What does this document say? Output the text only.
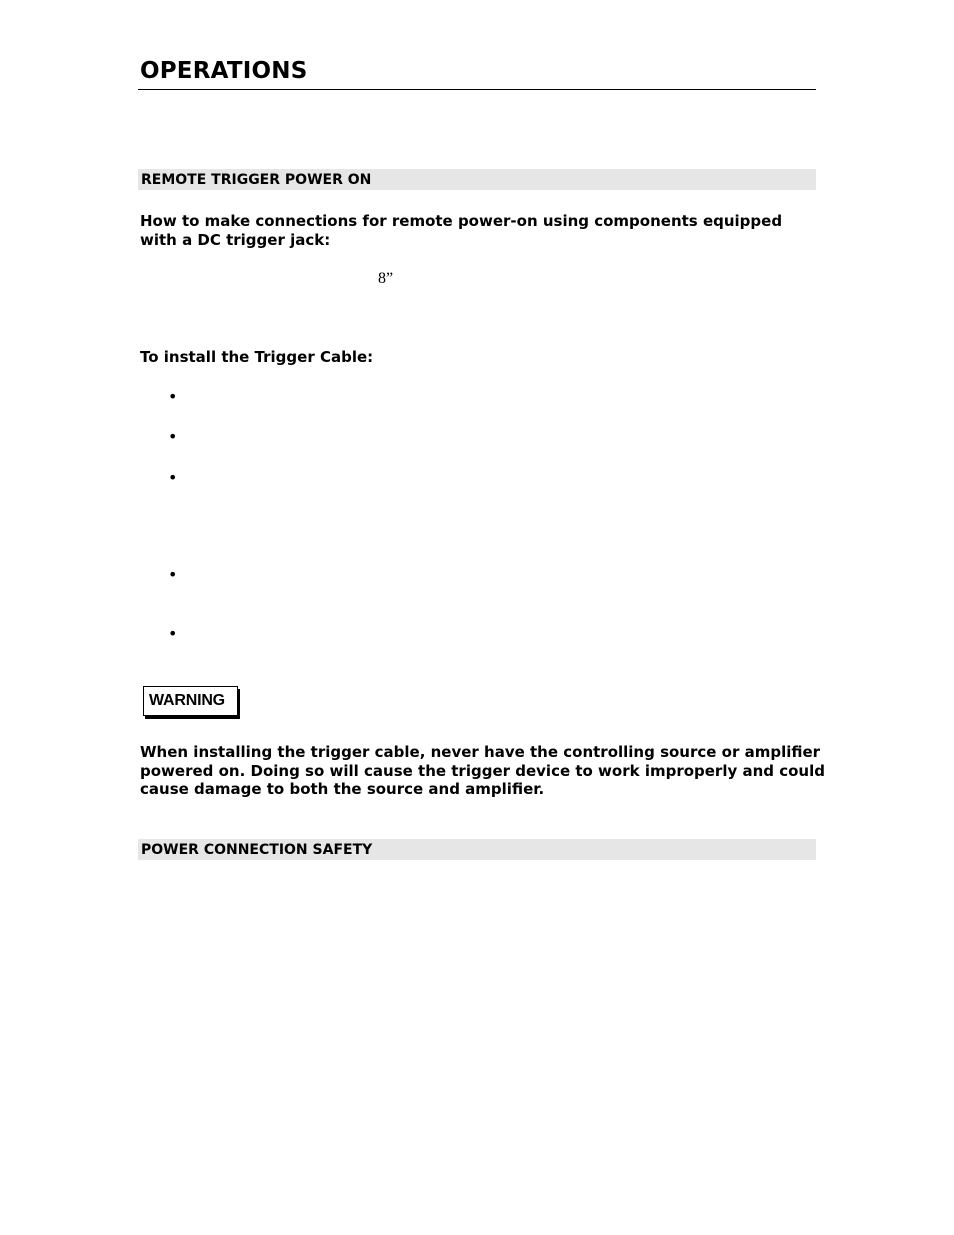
OPERATIONS
REMOTE TRIGGER POWER ON
How to make connections for remote power-on using components equipped with a DC trigger jack:
8”
To install the Trigger Cable:
•
•
•
•
•
WARNING
When installing the trigger cable, never have the controlling source or amplifier powered on. Doing so will cause the trigger device to work improperly and could cause damage to both the source and amplifier.
POWER CONNECTION SAFETY
